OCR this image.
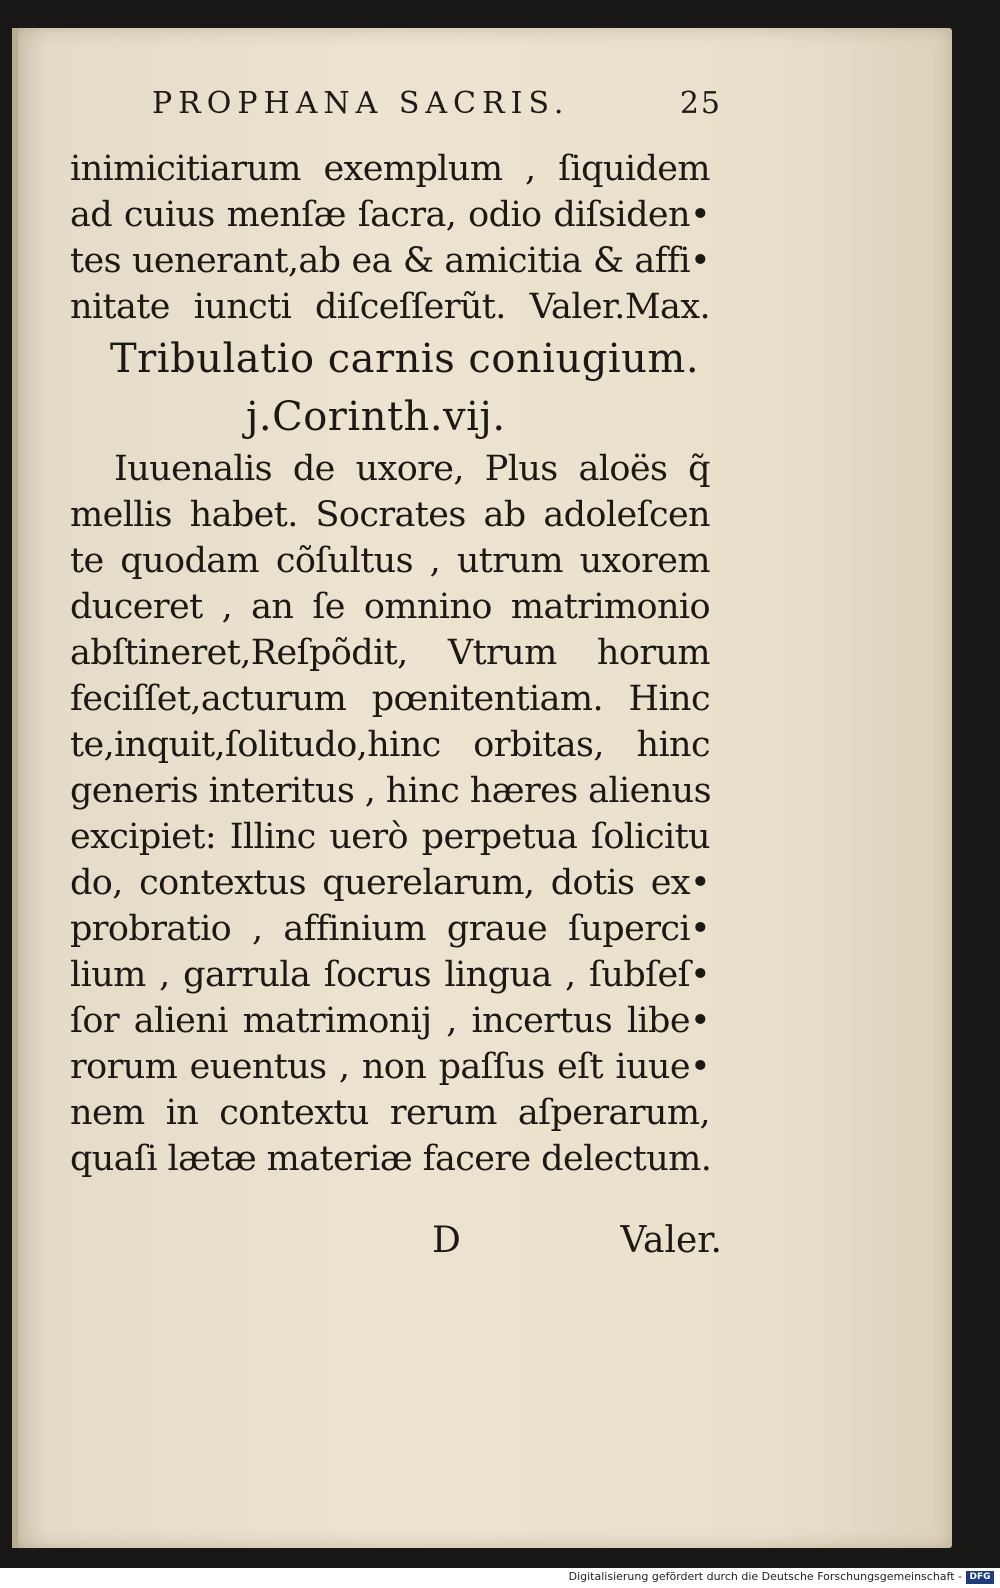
PROPHANA SACRIS.	25
inimicitiarum exemplum , ſiquidem
ad cuius menſæ ſacra, odio diſsiden•
tes uenerant,ab ea & amicitia & affi•
nitate iuncti diſceſſerũt. Valer.Max.
Tribulatio carnis coniugium.
j.Corinth.vij.
Iuuenalis de uxore, Plus aloës q̃
mellis habet. Socrates ab adoleſcen
te quodam cõſultus , utrum uxorem
duceret , an ſe omnino matrimonio
abſtineret,Reſpõdit, Vtrum horum
feciſſet,acturum pœnitentiam. Hinc
te,inquit,ſolitudo,hinc orbitas, hinc
generis interitus , hinc hæres alienus
excipiet: Illinc uerò perpetua ſolicitu
do, contextus querelarum, dotis ex•
probratio , affinium graue ſuperci•
lium , garrula ſocrus lingua , ſubſeſ•
ſor alieni matrimonij , incertus libe•
rorum euentus , non paſſus eſt iuue•
nem in contextu rerum aſperarum,
quaſi lætæ materiæ facere delectum.
D	Valer.
Digitalisierung gefördert durch die Deutsche Forschungsgemeinschaft - DFG
